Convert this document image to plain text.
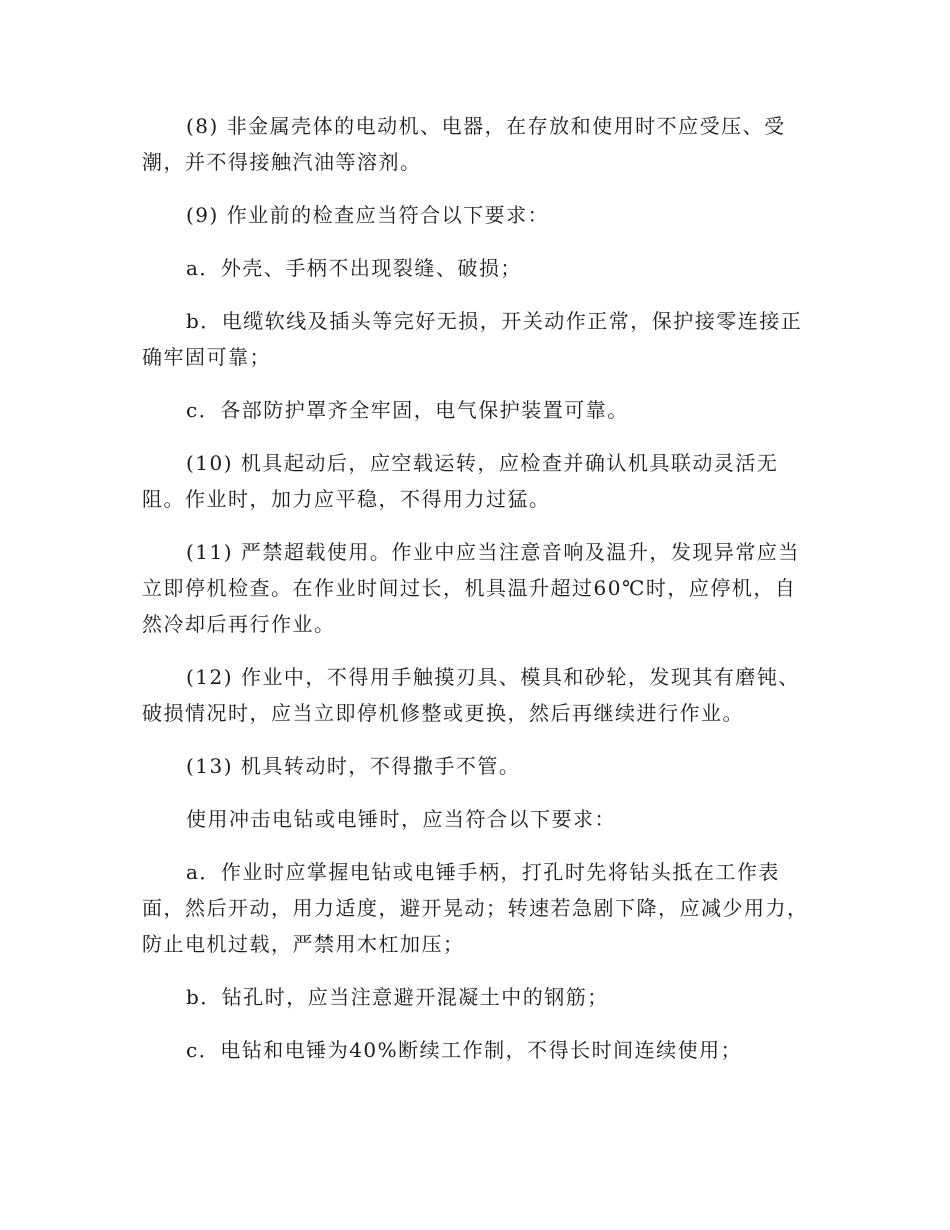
(8) 非金属壳体的电动机、电器，在存放和使用时不应受压、受潮，并不得接触汽油等溶剂。

(9) 作业前的检查应当符合以下要求：

a．外壳、手柄不出现裂缝、破损；

b．电缆软线及插头等完好无损，开关动作正常，保护接零连接正确牢固可靠；

c．各部防护罩齐全牢固，电气保护装置可靠。

(10) 机具起动后，应空载运转，应检查并确认机具联动灵活无阻。作业时，加力应平稳，不得用力过猛。

(11) 严禁超载使用。作业中应当注意音响及温升，发现异常应当立即停机检查。在作业时间过长，机具温升超过60℃时，应停机，自然冷却后再行作业。

(12) 作业中，不得用手触摸刃具、模具和砂轮，发现其有磨钝、破损情况时，应当立即停机修整或更换，然后再继续进行作业。

(13) 机具转动时，不得撒手不管。

使用冲击电钻或电锤时，应当符合以下要求：

a．作业时应掌握电钻或电锤手柄，打孔时先将钻头抵在工作表面，然后开动，用力适度，避开晃动；转速若急剧下降，应减少用力，防止电机过载，严禁用木杠加压；

b．钻孔时，应当注意避开混凝土中的钢筋；

c．电钻和电锤为40%断续工作制，不得长时间连续使用；
